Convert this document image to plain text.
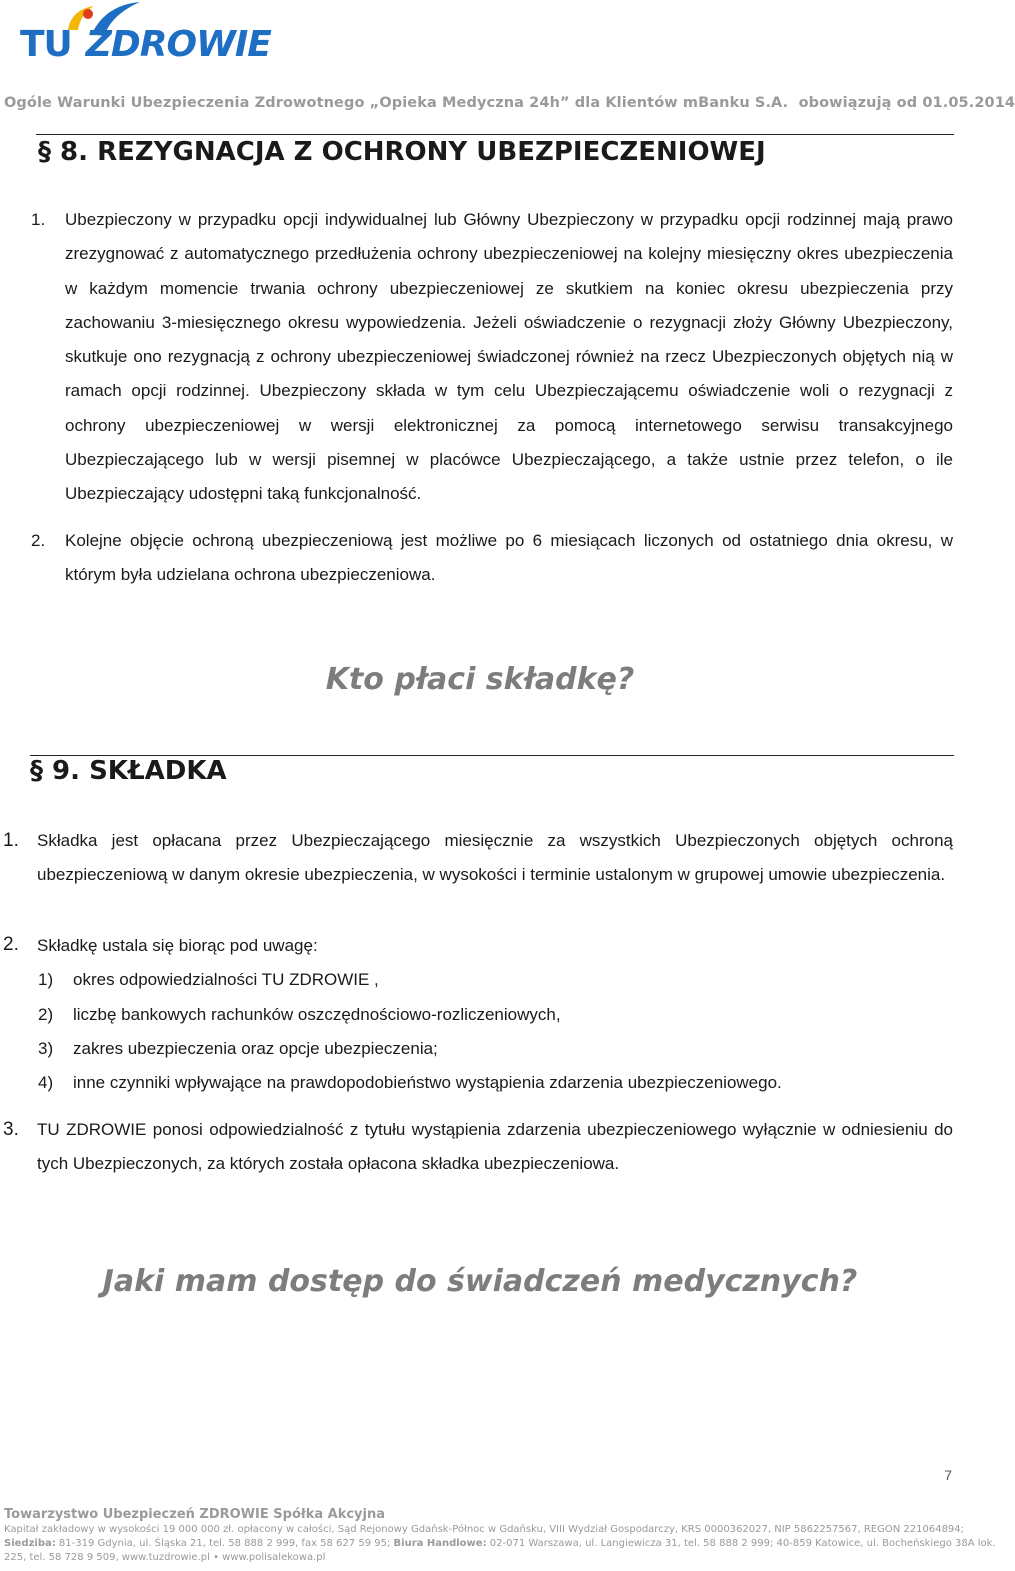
TU ZDROWIE
Ogóle Warunki Ubezpieczenia Zdrowotnego „Opieka Medyczna 24h” dla Klientów mBanku S.A. obowiązują od 01.05.2014
§ 8. REZYGNACJA Z OCHRONY UBEZPIECZENIOWEJ
1. Ubezpieczony w przypadku opcji indywidualnej lub Główny Ubezpieczony w przypadku opcji rodzinnej mają prawo zrezygnować z automatycznego przedłużenia ochrony ubezpieczeniowej na kolejny miesięczny okres ubezpieczenia w każdym momencie trwania ochrony ubezpieczeniowej ze skutkiem na koniec okresu ubezpieczenia przy zachowaniu 3-miesięcznego okresu wypowiedzenia. Jeżeli oświadczenie o rezygnacji złoży Główny Ubezpieczony, skutkuje ono rezygnacją z ochrony ubezpieczeniowej świadczonej również na rzecz Ubezpieczonych objętych nią w ramach opcji rodzinnej. Ubezpieczony składa w tym celu Ubezpieczającemu oświadczenie woli o rezygnacji z ochrony ubezpieczeniowej w wersji elektronicznej za pomocą internetowego serwisu transakcyjnego Ubezpieczającego lub w wersji pisemnej w placówce Ubezpieczającego, a także ustnie przez telefon, o ile Ubezpieczający udostępni taką funkcjonalność.
2. Kolejne objęcie ochroną ubezpieczeniową jest możliwe po 6 miesiącach liczonych od ostatniego dnia okresu, w którym była udzielana ochrona ubezpieczeniowa.
Kto płaci składkę?
§ 9. SKŁADKA
1. Składka jest opłacana przez Ubezpieczającego miesięcznie za wszystkich Ubezpieczonych objętych ochroną ubezpieczeniową w danym okresie ubezpieczenia, w wysokości i terminie ustalonym w grupowej umowie ubezpieczenia.
2. Składkę ustala się biorąc pod uwagę:
1) okres odpowiedzialności TU ZDROWIE ,
2) liczbę bankowych rachunków oszczędnościowo-rozliczeniowych,
3) zakres ubezpieczenia oraz opcje ubezpieczenia;
4) inne czynniki wpływające na prawdopodobieństwo wystąpienia zdarzenia ubezpieczeniowego.
3. TU ZDROWIE ponosi odpowiedzialność z tytułu wystąpienia zdarzenia ubezpieczeniowego wyłącznie w odniesieniu do tych Ubezpieczonych, za których została opłacona składka ubezpieczeniowa.
Jaki mam dostęp do świadczeń medycznych?
7
Towarzystwo Ubezpieczeń ZDROWIE Spółka Akcyjna
Kapitał zakładowy w wysokości 19 000 000 zł. opłacony w całości, Sąd Rejonowy Gdańsk-Północ w Gdańsku, VIII Wydział Gospodarczy, KRS 0000362027, NIP 5862257567, REGON 221064894;
Siedziba: 81-319 Gdynia, ul. Śląska 21, tel. 58 888 2 999, fax 58 627 59 95; Biura Handlowe: 02-071 Warszawa, ul. Langiewicza 31, tel. 58 888 2 999; 40-859 Katowice, ul. Bocheńskiego 38A lok.
225, tel. 58 728 9 509, www.tuzdrowie.pl • www.polisalekowa.pl
